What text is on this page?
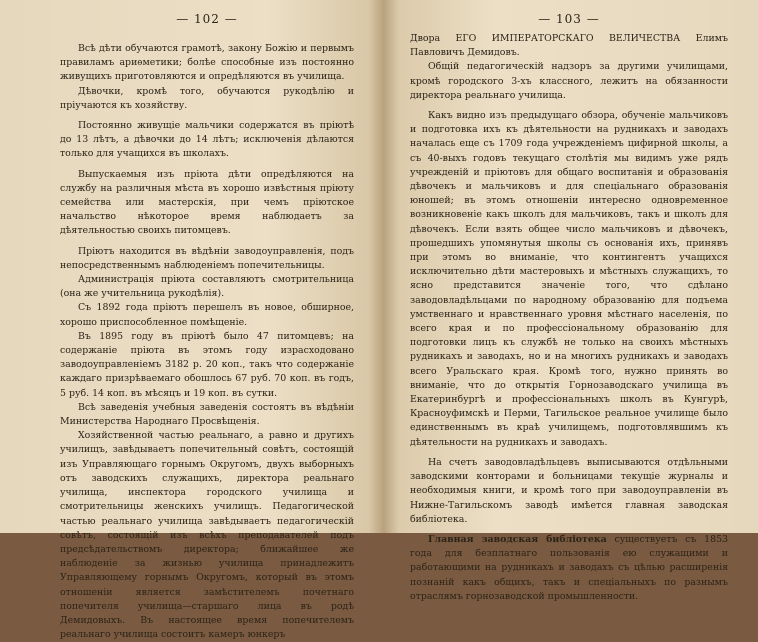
— 102 —

Всѣ дѣти обучаются грамотѣ, закону Божію и первымъ правиламъ ариѳметики; болѣе способные изъ постоянно живущихъ приготовляются и опредѣляются въ училища.

Дѣвочки, кромѣ того, обучаются рукодѣлію и пріучаются къ хозяйству.

Постоянно живущіе мальчики содержатся въ пріютѣ до 13 лѣтъ, а дѣвочки до 14 лѣтъ; исключенія дѣлаются только для учащихся въ школахъ.

Выпускаемыя изъ пріюта дѣти опредѣляются на службу на различныя мѣста въ хорошо извѣстныя пріюту семейства или мастерскія, при чемъ пріютское начальство нѣкоторое время наблюдаетъ за дѣятельностью своихъ питомцевъ.

Пріютъ находится въ вѣдѣніи заводоуправленія, подъ непосредственнымъ наблюденіемъ попечительницы.

Администрація пріюта составляютъ смотрительница (она же учительница рукодѣлія).

Съ 1892 года пріютъ перешелъ въ новое, обширное, хорошо приспособленное помѣщеніе.

Въ 1895 году въ пріютѣ было 47 питомцевъ; на содержаніе пріюта въ этомъ году израсходовано заводоуправленіемъ 3182 р. 20 коп., такъ что содержаніе каждаго призрѣваемаго обошлось 67 руб. 70 коп. въ годъ, 5 руб. 14 коп. въ мѣсяцъ и 19 коп. въ сутки.

Всѣ заведенія учебныя заведенія состоятъ въ вѣдѣніи Министерства Народнаго Просвѣщенія.

Хозяйственной частью реальнаго, а равно и другихъ училищъ, завѣдываетъ попечительный совѣтъ, состоящій изъ Управляющаго горнымъ Округомъ, двухъ выборныхъ отъ заводскихъ служащихъ, директора реальнаго училища, инспектора городского училища и смотрительницы женскихъ училищъ. Педагогической частью реальнаго училища завѣдываетъ педагогическій совѣтъ, состоящій изъ всѣхъ преподавателей подъ предсѣдательствомъ директора; ближайшее же наблюденіе за жизнью училища принадлежитъ Управляющему горнымъ Округомъ, который въ этомъ отношеніи является замѣстителемъ почетнаго попечителя училища—старшаго лица въ родѣ Демидовыхъ. Въ настоящее время попечителемъ реальнаго училища состоитъ камеръ юнкеръ

— 103 —

Двора ЕГО ИМПЕРАТОРСКАГО ВЕЛИЧЕСТВА Елимъ Павловичъ Демидовъ.

Общій педагогическій надзоръ за другими училищами, кромѣ городского 3-хъ классного, лежитъ на обязанности директора реальнаго училища.

Какъ видно изъ предыдущаго обзора, обученіе мальчиковъ и подготовка ихъ къ дѣятельности на рудникахъ и заводахъ началась еще съ 1709 года учрежденіемъ цифирной школы, а съ 40-выхъ годовъ текущаго столѣтія мы видимъ уже рядъ учрежденій и пріютовъ для общаго воспитанія и образованія дѣвочекъ и мальчиковъ и для спеціальнаго образованія юношей; въ этомъ отношеніи интересно одновременное возникновеніе какъ школъ для мальчиковъ, такъ и школъ для дѣвочекъ. Если взять общее число мальчиковъ и дѣвочекъ, прошедшихъ упомянутыя школы съ основанія ихъ, принявъ при этомъ во вниманіе, что контингентъ учащихся исключительно дѣти мастеровыхъ и мѣстныхъ служащихъ, то ясно представится значеніе того, что сдѣлано заводовладѣльцами по народному образованію для подъема умственнаго и нравственнаго уровня мѣстнаго населенія, по всего края и по профессіональному образованію для подготовки лицъ къ службѣ не только на своихъ мѣстныхъ рудникахъ и заводахъ, но и на многихъ рудникахъ и заводахъ всего Уральскаго края. Кромѣ того, нужно принять во вниманіе, что до открытія Горнозаводскаго училища въ Екатеринбургѣ и профессіональныхъ школъ въ Кунгурѣ, Красноуфимскѣ и Перми, Тагильское реальное училище было единственнымъ въ краѣ училищемъ, подготовлявшимъ къ дѣятельности на рудникахъ и заводахъ.

На счетъ заводовладѣльцевъ выписываются отдѣльными заводскими конторами и больницами текущіе журналы и необходимыя книги, и кромѣ того при заводоуправленіи въ Нижне-Тагильскомъ заводѣ имѣется главная заводская библіотека.

Главная заводская библіотека существуетъ съ 1853 года для безплатнаго пользованія ею служащими и работающими на рудникахъ и заводахъ съ цѣлью расширенія познаній какъ общихъ, такъ и спеціальныхъ по разнымъ отраслямъ горнозаводской промышленности.
